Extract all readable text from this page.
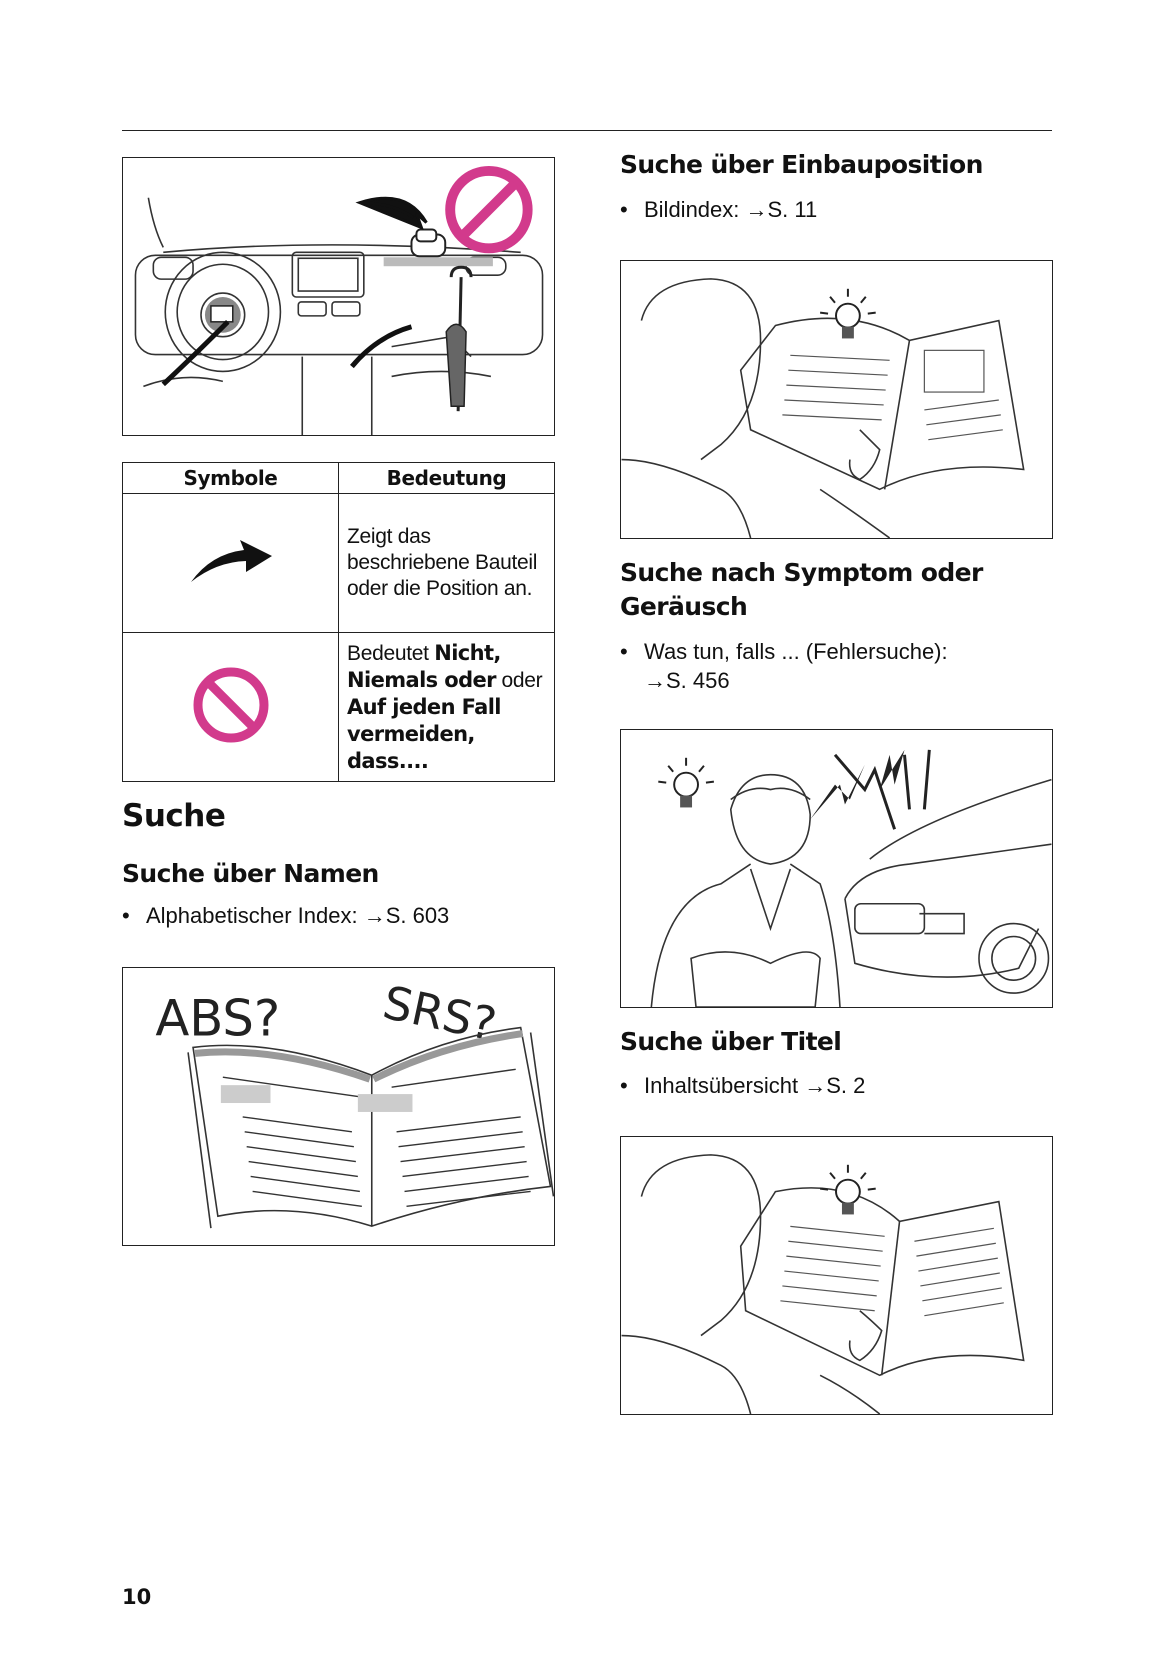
Symbole	Bedeutung
	Zeigt das beschriebene Bauteil oder die Position an.
	Bedeutet Nicht, Niemals oder oder Auf jeden Fall vermeiden, dass....
Suche
Suche über Namen
• Alphabetischer Index: →S. 603
ABS? SRS?
Suche über Einbauposition
• Bildindex: →S. 11
Suche nach Symptom oder
Geräusch
• Was tun, falls ... (Fehlersuche): →S. 456
Suche über Titel
• Inhaltsübersicht →S. 2
10
